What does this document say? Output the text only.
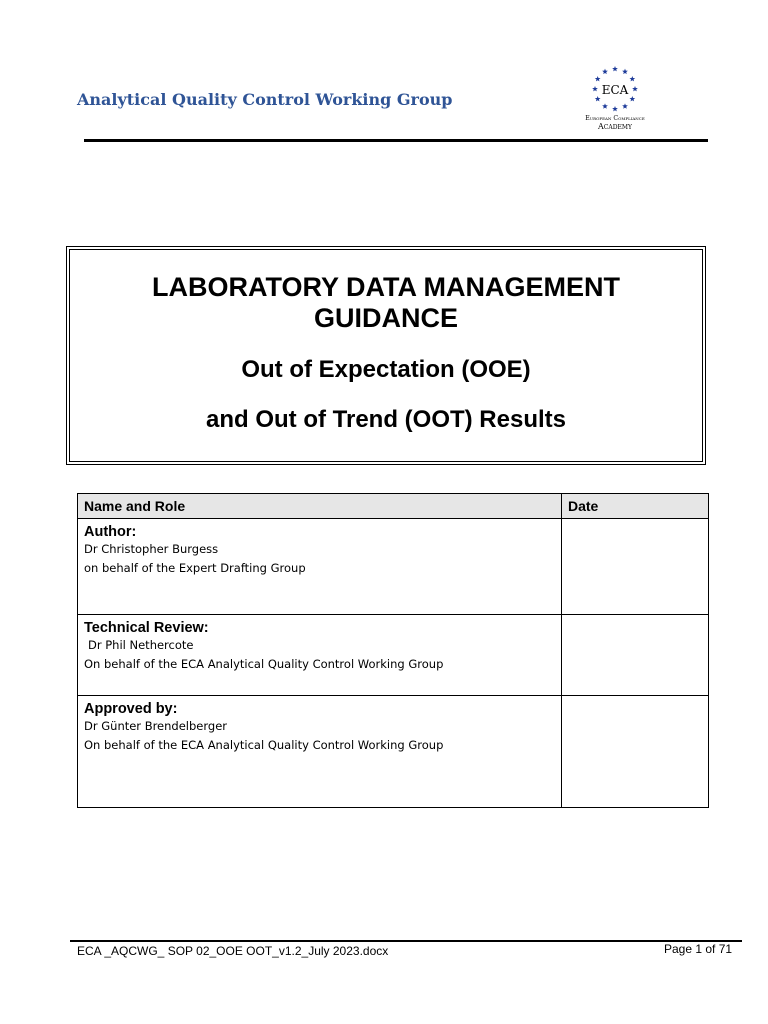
Analytical Quality Control Working Group	ECA
European Compliance
Academy
LABORATORY DATA MANAGEMENT
GUIDANCE
Out of Expectation (OOE)
and Out of Trend (OOT) Results
Name and Role	Date

Author:
Dr Christopher Burgess
on behalf of the Expert Drafting Group	

Technical Review:
Dr Phil Nethercote
On behalf of the ECA Analytical Quality Control Working Group	

Approved by:
Dr Günter Brendelberger
On behalf of the ECA Analytical Quality Control Working Group	

ECA _AQCWG_ SOP 02_OOE OOT_v1.2_July 2023.docx	Page 1 of 71
